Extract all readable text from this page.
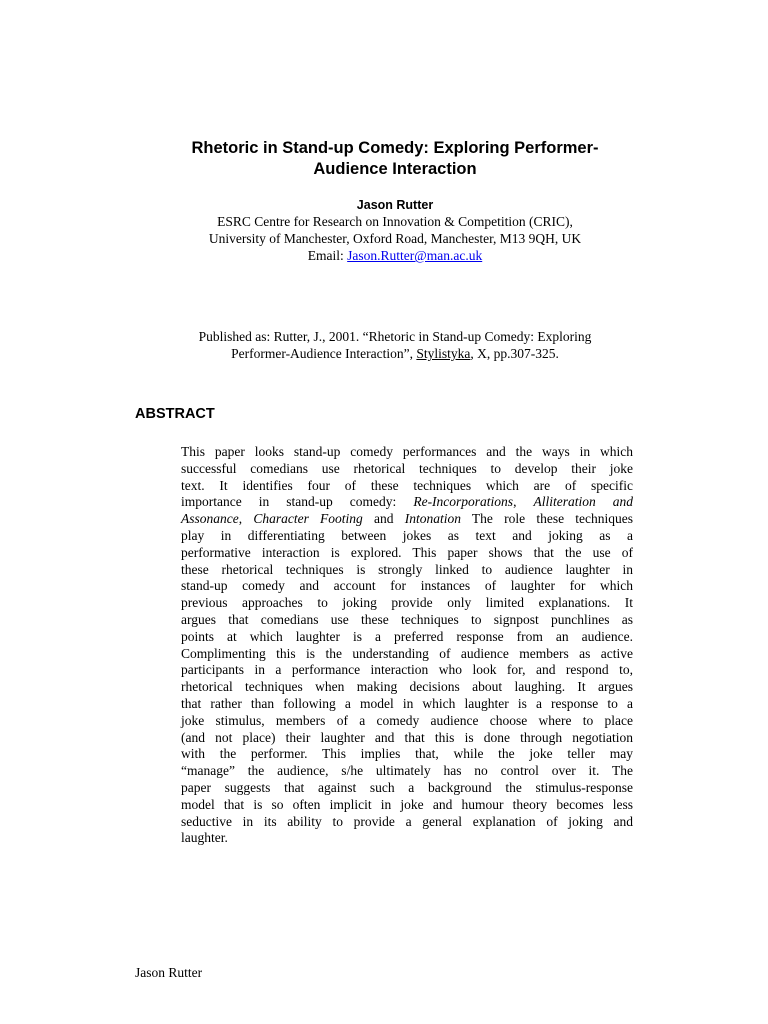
Rhetoric in Stand-up Comedy: Exploring Performer-
Audience Interaction
Jason Rutter
ESRC Centre for Research on Innovation & Competition (CRIC),
University of Manchester, Oxford Road, Manchester, M13 9QH, UK
Email: Jason.Rutter@man.ac.uk
Published as: Rutter, J., 2001. “Rhetoric in Stand-up Comedy: Exploring
Performer-Audience Interaction”, Stylistyka, X, pp.307-325.
ABSTRACT
This paper looks stand-up comedy performances and the ways in which
successful comedians use rhetorical techniques to develop their joke
text. It identifies four of these techniques which are of specific
importance in stand-up comedy: Re-Incorporations, Alliteration and
Assonance, Character Footing and Intonation The role these techniques
play in differentiating between jokes as text and joking as a
performative interaction is explored. This paper shows that the use of
these rhetorical techniques is strongly linked to audience laughter in
stand-up comedy and account for instances of laughter for which
previous approaches to joking provide only limited explanations. It
argues that comedians use these techniques to signpost punchlines as
points at which laughter is a preferred response from an audience.
Complimenting this is the understanding of audience members as active
participants in a performance interaction who look for, and respond to,
rhetorical techniques when making decisions about laughing. It argues
that rather than following a model in which laughter is a response to a
joke stimulus, members of a comedy audience choose where to place
(and not place) their laughter and that this is done through negotiation
with the performer. This implies that, while the joke teller may
“manage” the audience, s/he ultimately has no control over it. The
paper suggests that against such a background the stimulus-response
model that is so often implicit in joke and humour theory becomes less
seductive in its ability to provide a general explanation of joking and
laughter.
Jason Rutter
